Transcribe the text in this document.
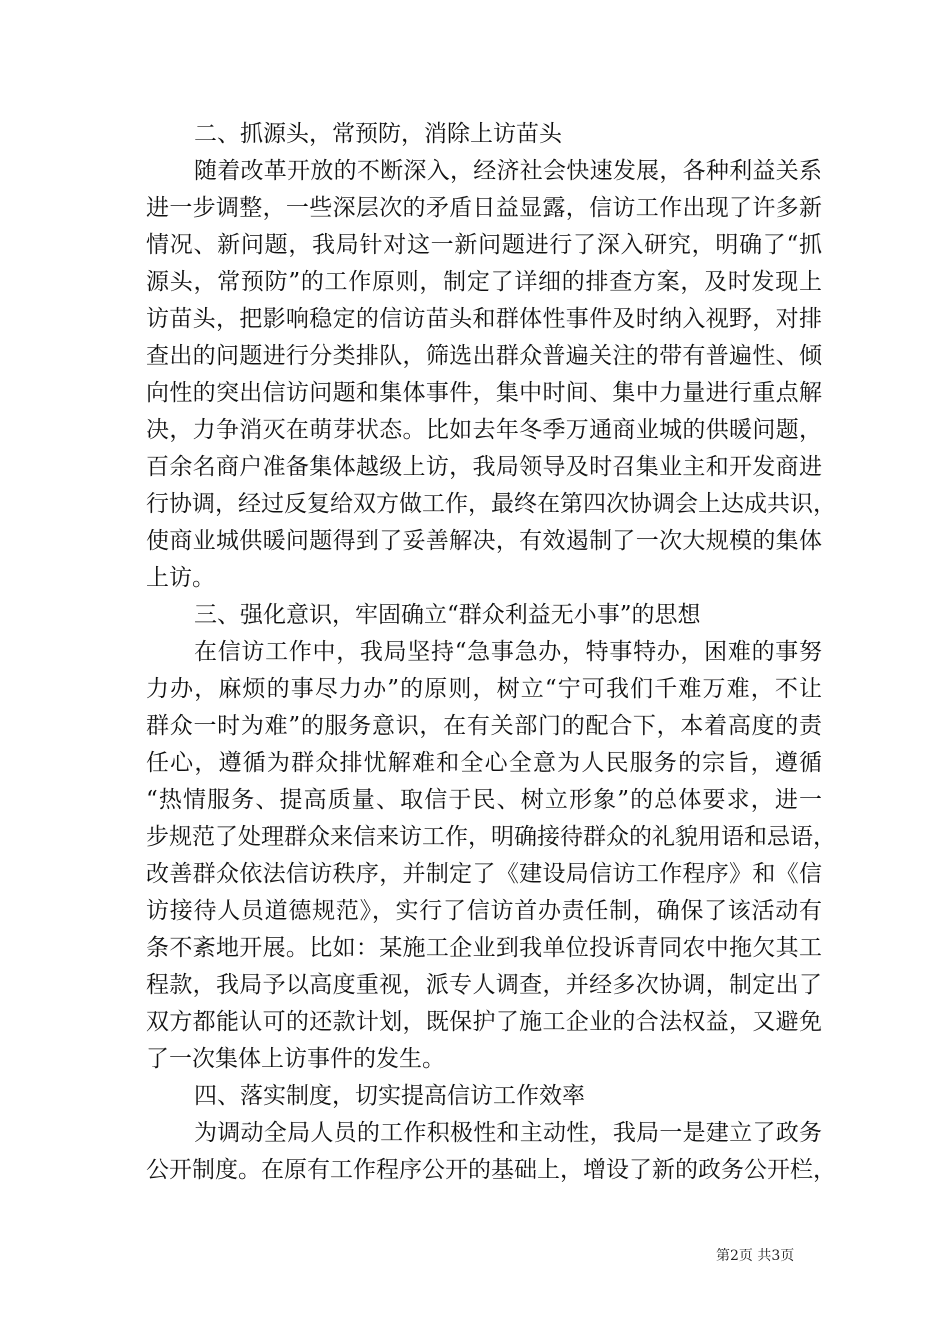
二、抓源头，常预防，消除上访苗头
随着改革开放的不断深入，经济社会快速发展，各种利益关系
进一步调整，一些深层次的矛盾日益显露，信访工作出现了许多新
情况、新问题，我局针对这一新问题进行了深入研究，明确了“抓
源头，常预防”的工作原则，制定了详细的排查方案，及时发现上
访苗头，把影响稳定的信访苗头和群体性事件及时纳入视野，对排
查出的问题进行分类排队，筛选出群众普遍关注的带有普遍性、倾
向性的突出信访问题和集体事件，集中时间、集中力量进行重点解
决，力争消灭在萌芽状态。比如去年冬季万通商业城的供暖问题，
百余名商户准备集体越级上访，我局领导及时召集业主和开发商进
行协调，经过反复给双方做工作，最终在第四次协调会上达成共识，
使商业城供暖问题得到了妥善解决，有效遏制了一次大规模的集体
上访。
三、强化意识，牢固确立“群众利益无小事”的思想
在信访工作中，我局坚持“急事急办，特事特办，困难的事努
力办，麻烦的事尽力办”的原则，树立“宁可我们千难万难，不让
群众一时为难”的服务意识，在有关部门的配合下，本着高度的责
任心，遵循为群众排忧解难和全心全意为人民服务的宗旨，遵循
“热情服务、提高质量、取信于民、树立形象”的总体要求，进一
步规范了处理群众来信来访工作，明确接待群众的礼貌用语和忌语，
改善群众依法信访秩序，并制定了《建设局信访工作程序》和《信
访接待人员道德规范》，实行了信访首办责任制，确保了该活动有
条不紊地开展。比如：某施工企业到我单位投诉青同农中拖欠其工
程款，我局予以高度重视，派专人调查，并经多次协调，制定出了
双方都能认可的还款计划，既保护了施工企业的合法权益，又避免
了一次集体上访事件的发生。
四、落实制度，切实提高信访工作效率
为调动全局人员的工作积极性和主动性，我局一是建立了政务
公开制度。在原有工作程序公开的基础上，增设了新的政务公开栏，
第2页 共3页
